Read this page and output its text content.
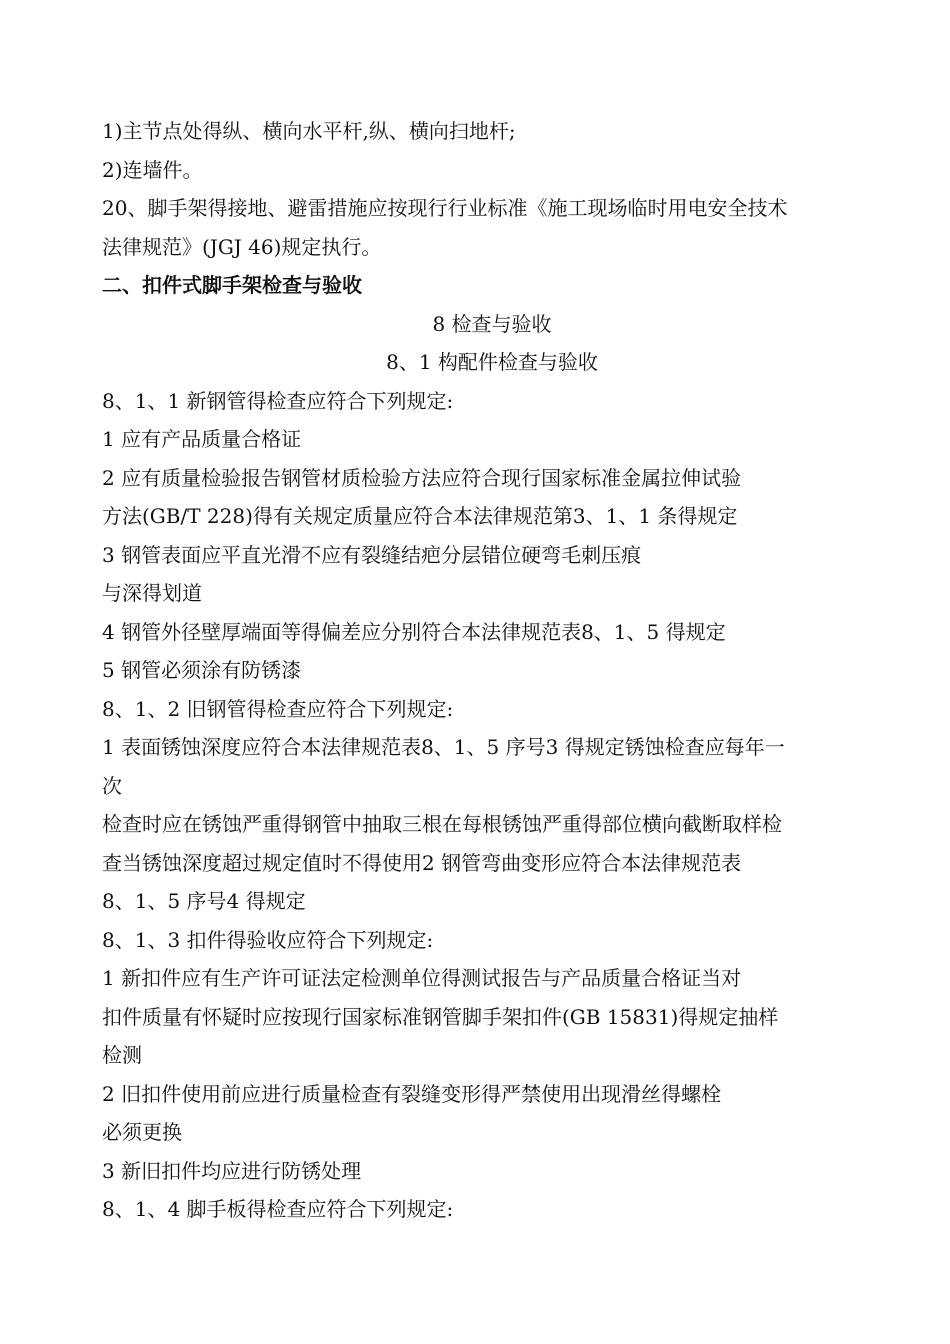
1)主节点处得纵、横向水平杆,纵、横向扫地杆;
2)连墙件。
20、脚手架得接地、避雷措施应按现行行业标准《施工现场临时用电安全技术
法律规范》(JGJ 46)规定执行。
二、扣件式脚手架检查与验收
8 检查与验收
8、1 构配件检查与验收
8、1、1 新钢管得检查应符合下列规定:
1 应有产品质量合格证
2 应有质量检验报告钢管材质检验方法应符合现行国家标准金属拉伸试验
方法(GB/T 228)得有关规定质量应符合本法律规范第3、1、1 条得规定
3 钢管表面应平直光滑不应有裂缝结疤分层错位硬弯毛刺压痕
与深得划道
4 钢管外径壁厚端面等得偏差应分别符合本法律规范表8、1、5 得规定
5 钢管必须涂有防锈漆
8、1、2 旧钢管得检查应符合下列规定:
1 表面锈蚀深度应符合本法律规范表8、1、5 序号3 得规定锈蚀检查应每年一
次
检查时应在锈蚀严重得钢管中抽取三根在每根锈蚀严重得部位横向截断取样检
查当锈蚀深度超过规定值时不得使用2 钢管弯曲变形应符合本法律规范表
8、1、5 序号4 得规定
8、1、3 扣件得验收应符合下列规定:
1 新扣件应有生产许可证法定检测单位得测试报告与产品质量合格证当对
扣件质量有怀疑时应按现行国家标准钢管脚手架扣件(GB 15831)得规定抽样
检测
2 旧扣件使用前应进行质量检查有裂缝变形得严禁使用出现滑丝得螺栓
必须更换
3 新旧扣件均应进行防锈处理
8、1、4 脚手板得检查应符合下列规定:
